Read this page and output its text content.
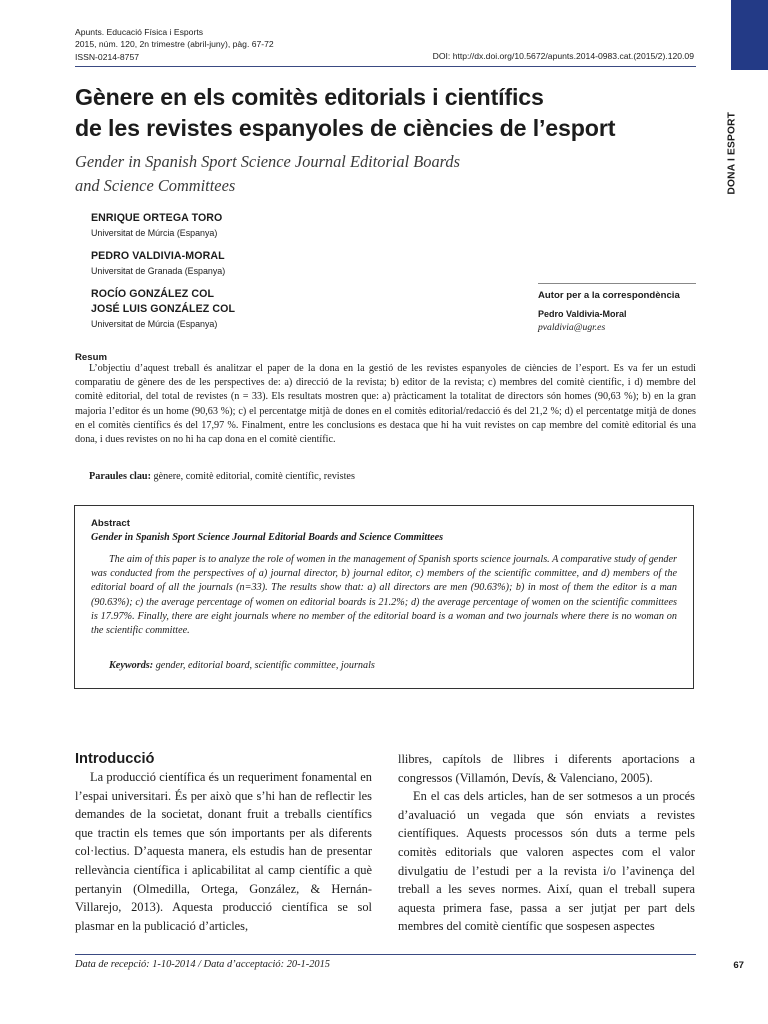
Apunts. Educació Física i Esports
2015, núm. 120, 2n trimestre (abril-juny), pàg. 67-72
ISSN-0214-8757	DOI: http://dx.doi.org/10.5672/apunts.2014-0983.cat.(2015/2).120.09
DONA I ESPORT
Gènere en els comitès editorials i científics
de les revistes espanyoles de ciències de l’esport
Gender in Spanish Sport Science Journal Editorial Boards
and Science Committees
ENRIQUE ORTEGA TORO
Universitat de Múrcia (Espanya)
PEDRO VALDIVIA-MORAL
Universitat de Granada (Espanya)
ROCÍO GONZÁLEZ COL
JOSÉ LUIS GONZÁLEZ COL
Universitat de Múrcia (Espanya)
Autor per a la correspondència
Pedro Valdivia-Moral
pvaldivia@ugr.es
Resum
L’objectiu d’aquest treball és analitzar el paper de la dona en la gestió de les revistes espanyoles de ciències de l’esport. Es va fer un estudi comparatiu de gènere des de les perspectives de: a) direcció de la revista; b) editor de la revista; c) membres del comitè científic, i d) membre del comitè editorial, del total de revistes (n = 33). Els resultats mostren que: a) pràcticament la totalitat de directors són homes (90,63 %); b) en la gran majoria l’editor és un home (90,63 %); c) el percentatge mitjà de dones en el comitès editorial/redacció és del 21,2 %; d) el percentatge mitjà de dones en el comitès científics és del 17,97 %. Finalment, entre les conclusions es destaca que hi ha vuit revistes on cap membre del comitè editorial és una dona, i dues revistes on no hi ha cap dona en el comitè científic.
Paraules clau: gènere, comitè editorial, comitè científic, revistes
Abstract
Gender in Spanish Sport Science Journal Editorial Boards and Science Committees
The aim of this paper is to analyze the role of women in the management of Spanish sports science journals. A comparative study of gender was conducted from the perspectives of a) journal director, b) journal editor, c) members of the scientific committee, and d) members of the editorial board of all the journals (n=33). The results show that: a) all directors are men (90.63%); b) in most of them the editor is a man (90.63%); c) the average percentage of women on editorial boards is 21.2%; d) the average percentage of women on the scientific committees is 17.97%. Finally, there are eight journals where no member of the editorial board is a woman and two journals where there is no woman on the scientific committee.
Keywords: gender, editorial board, scientific committee, journals
Introducció

La producció científica és un requeriment fonamental en l’espai universitari. És per això que s’hi han de reflectir les demandes de la societat, donant fruit a treballs científics que tractin els temes que són importants per als diferents col·lectius. D’aquesta manera, els estudis han de presentar rellevància científica i aplicabilitat al camp científic a què pertanyin (Olmedilla, Ortega, González, & Hernán-Villarejo, 2013). Aquesta producció científica se sol plasmar en la publicació d’articles,

llibres, capítols de llibres i diferents aportacions a congressos (Villamón, Devís, & Valenciano, 2005).

En el cas dels articles, han de ser sotmesos a un procés d’avaluació un vegada que són enviats a revistes científiques. Aquests processos són duts a terme pels comitès editorials que valoren aspectes com el valor divulgatiu de l’estudi per a la revista i/o l’avinença del treball a les seves normes. Així, quan el treball supera aquesta primera fase, passa a ser jutjat per part dels membres del comitè científic que sospesen aspectes

Data de recepció: 1-10-2014 / Data d’acceptació: 20-1-2015	67
